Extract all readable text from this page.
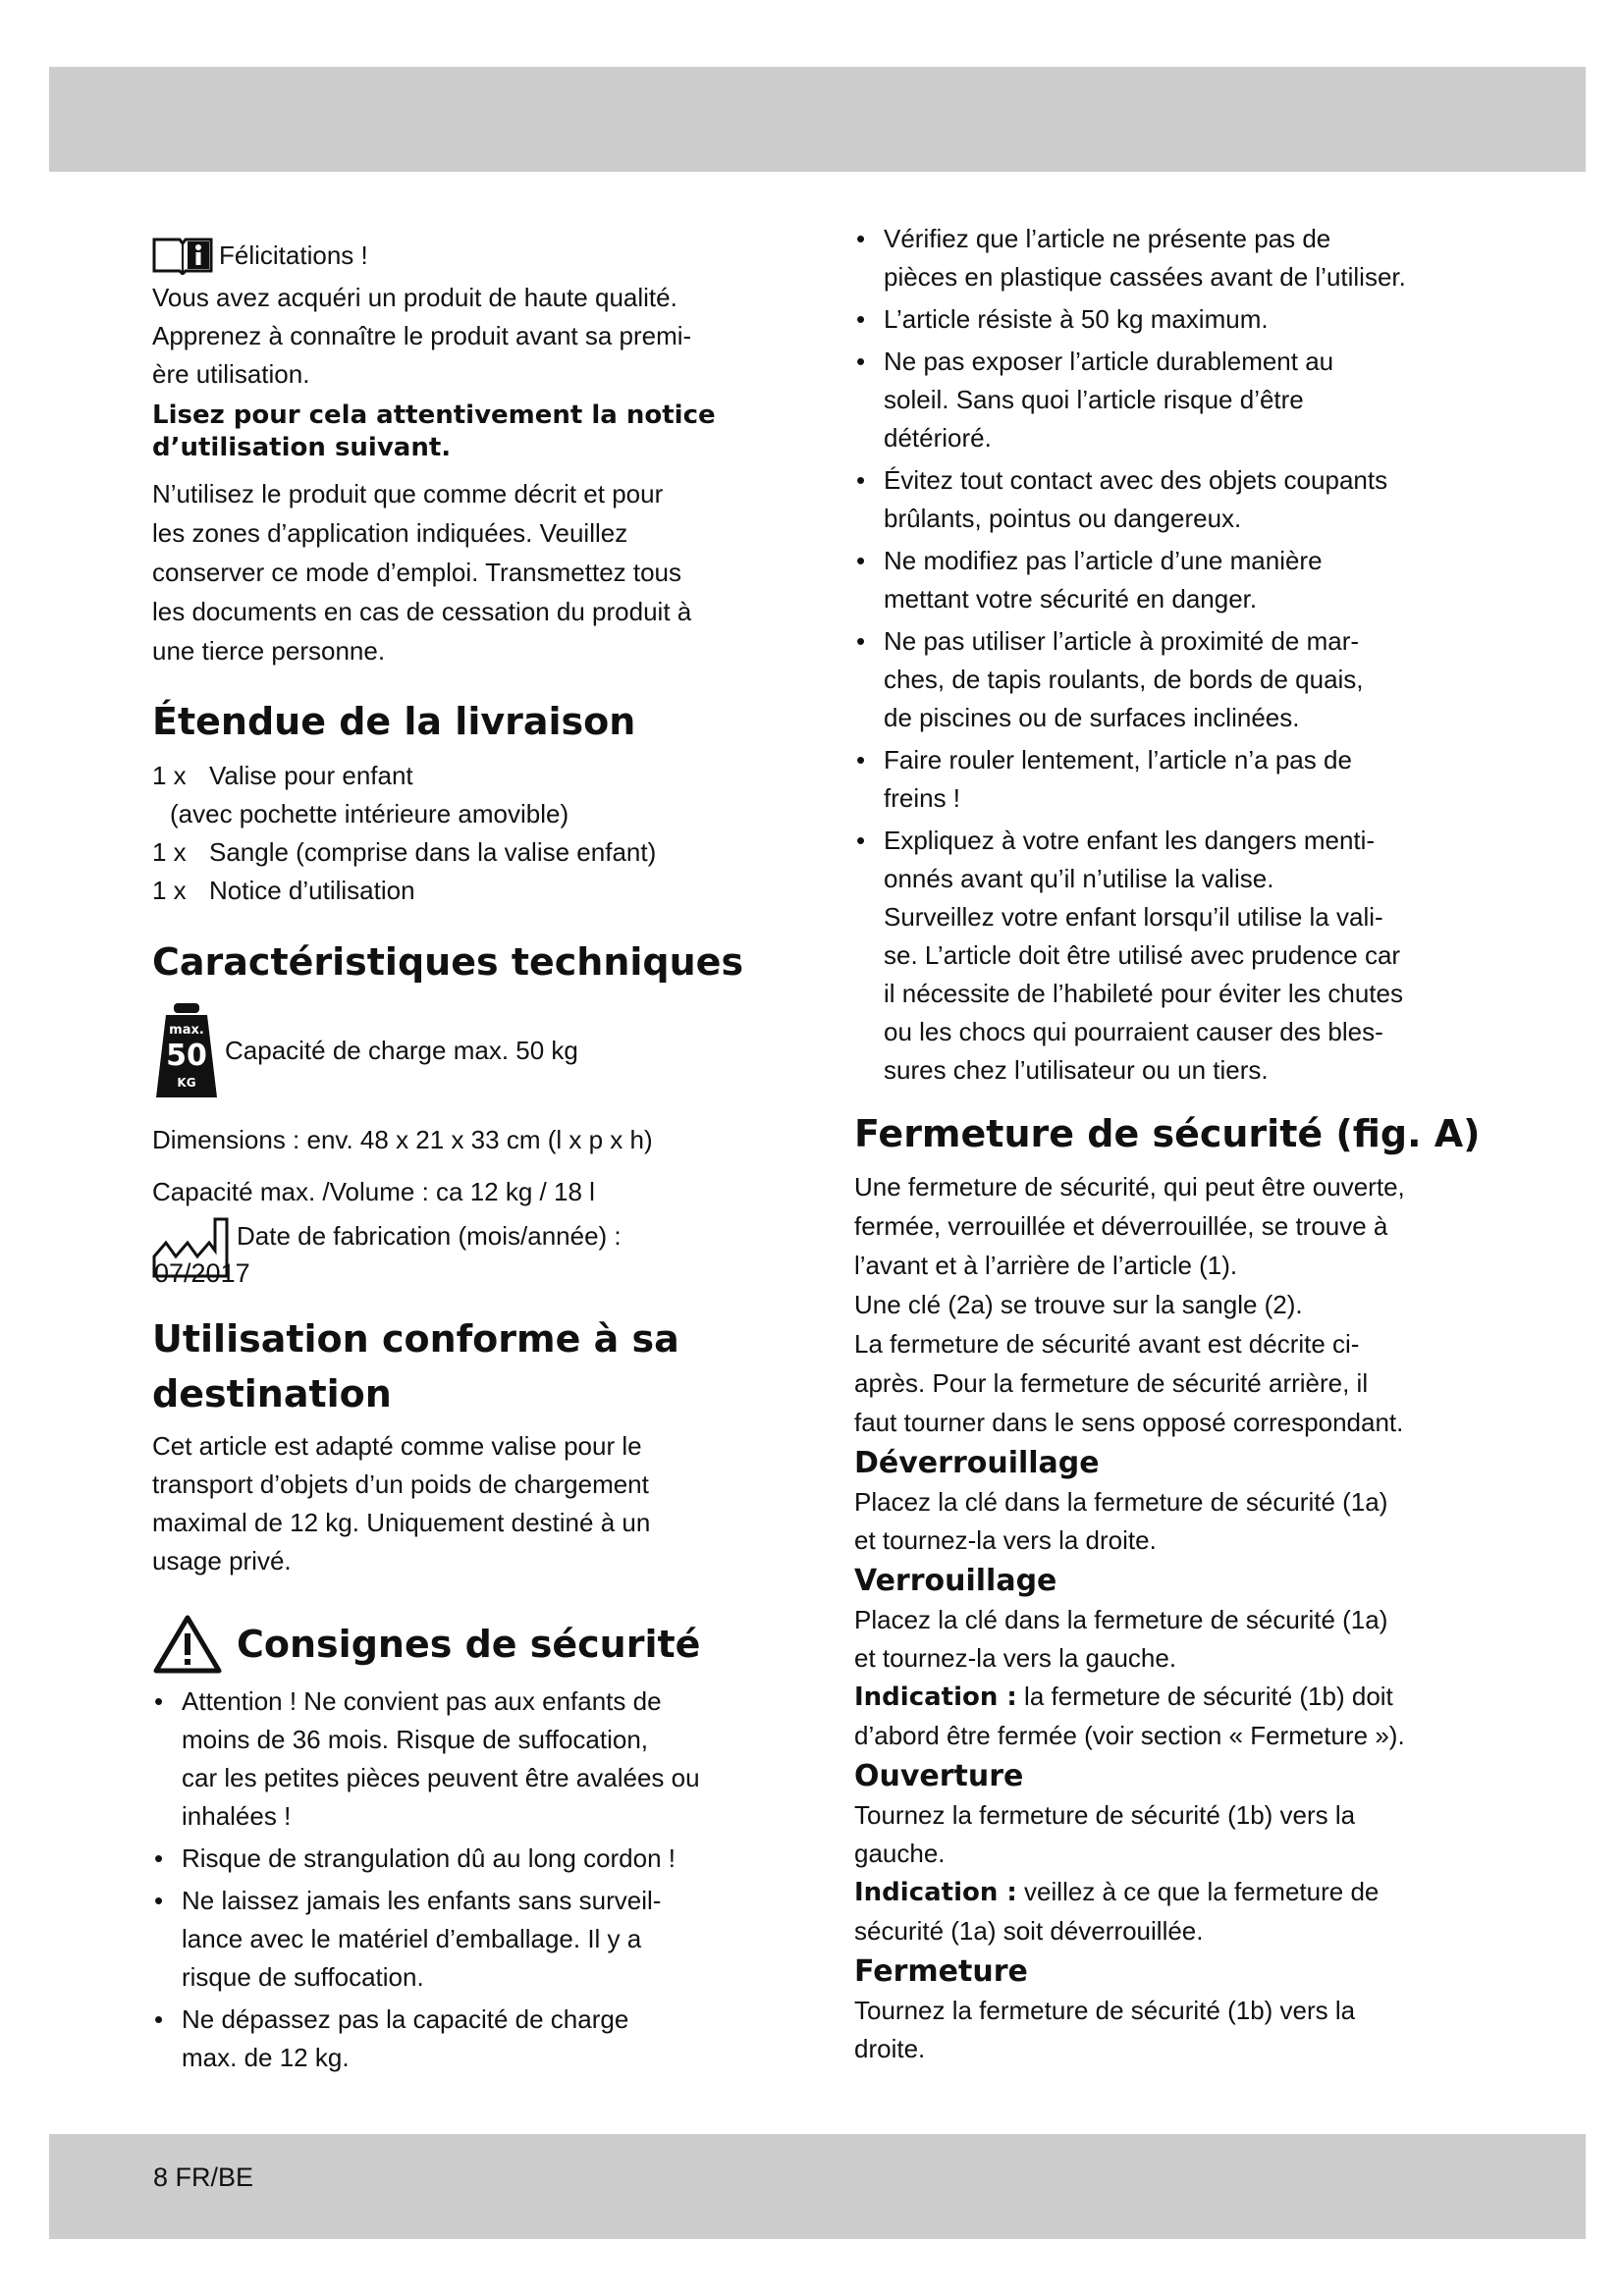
Félicitations !

Vous avez acquéri un produit de haute qualité.

Apprenez à connaître le produit avant sa premi-

ère utilisation.

Lisez pour cela attentivement la notice

d’utilisation suivant.

N’utilisez le produit que comme décrit et pour

les zones d’application indiquées. Veuillez

conserver ce mode d’emploi. Transmettez tous

les documents en cas de cessation du produit à

une tierce personne.

Étendue de la livraison
1 x Valise pour enfant
(avec pochette intérieure amovible)
1 x Sangle (comprise dans la valise enfant)
1 x Notice d’utilisation
Caractéristiques techniques
max.
50
KG
Capacité de charge max. 50 kg

Dimensions : env. 48 x 21 x 33 cm (l x p x h)

Capacité max. /Volume : ca 12 kg / 18 l

Date de fabrication (mois/année) :
07/2017
Utilisation conforme à sa
destination

Cet article est adapté comme valise pour le

transport d’objets d’un poids de chargement

maximal de 12 kg. Uniquement destiné à un

usage privé.

Consignes de sécurité
• Attention ! Ne convient pas aux enfants de
moins de 36 mois. Risque de suffocation,
car les petites pièces peuvent être avalées ou
inhalées !
• Risque de strangulation dû au long cordon !
• Ne laissez jamais les enfants sans surveil-
lance avec le matériel d’emballage. Il y a
risque de suffocation.
• Ne dépassez pas la capacité de charge
max. de 12 kg.
• Vérifiez que l’article ne présente pas de
pièces en plastique cassées avant de l’utiliser.
• L’article résiste à 50 kg maximum.
• Ne pas exposer l’article durablement au
soleil. Sans quoi l’article risque d’être
détérioré.
• Évitez tout contact avec des objets coupants
brûlants, pointus ou dangereux.
• Ne modifiez pas l’article d’une manière
mettant votre sécurité en danger.
• Ne pas utiliser l’article à proximité de mar-
ches, de tapis roulants, de bords de quais,
de piscines ou de surfaces inclinées.
• Faire rouler lentement, l’article n’a pas de
freins !
• Expliquez à votre enfant les dangers menti-
onnés avant qu’il n’utilise la valise.
Surveillez votre enfant lorsqu’il utilise la vali-
se. L’article doit être utilisé avec prudence car
il nécessite de l’habileté pour éviter les chutes
ou les chocs qui pourraient causer des bles-
sures chez l’utilisateur ou un tiers.
Fermeture de sécurité (fig. A)

Une fermeture de sécurité, qui peut être ouverte,

fermée, verrouillée et déverrouillée, se trouve à

l’avant et à l’arrière de l’article (1).

Une clé (2a) se trouve sur la sangle (2).

La fermeture de sécurité avant est décrite ci-

après. Pour la fermeture de sécurité arrière, il

faut tourner dans le sens opposé correspondant.

Déverrouillage

Placez la clé dans la fermeture de sécurité (1a)

et tournez-la vers la droite.

Verrouillage

Placez la clé dans la fermeture de sécurité (1a)

et tournez-la vers la gauche.

Indication : la fermeture de sécurité (1b) doit

d’abord être fermée (voir section « Fermeture »).

Ouverture

Tournez la fermeture de sécurité (1b) vers la

gauche.

Indication : veillez à ce que la fermeture de

sécurité (1a) soit déverrouillée.

Fermeture

Tournez la fermeture de sécurité (1b) vers la

droite.

8 FR/BE
